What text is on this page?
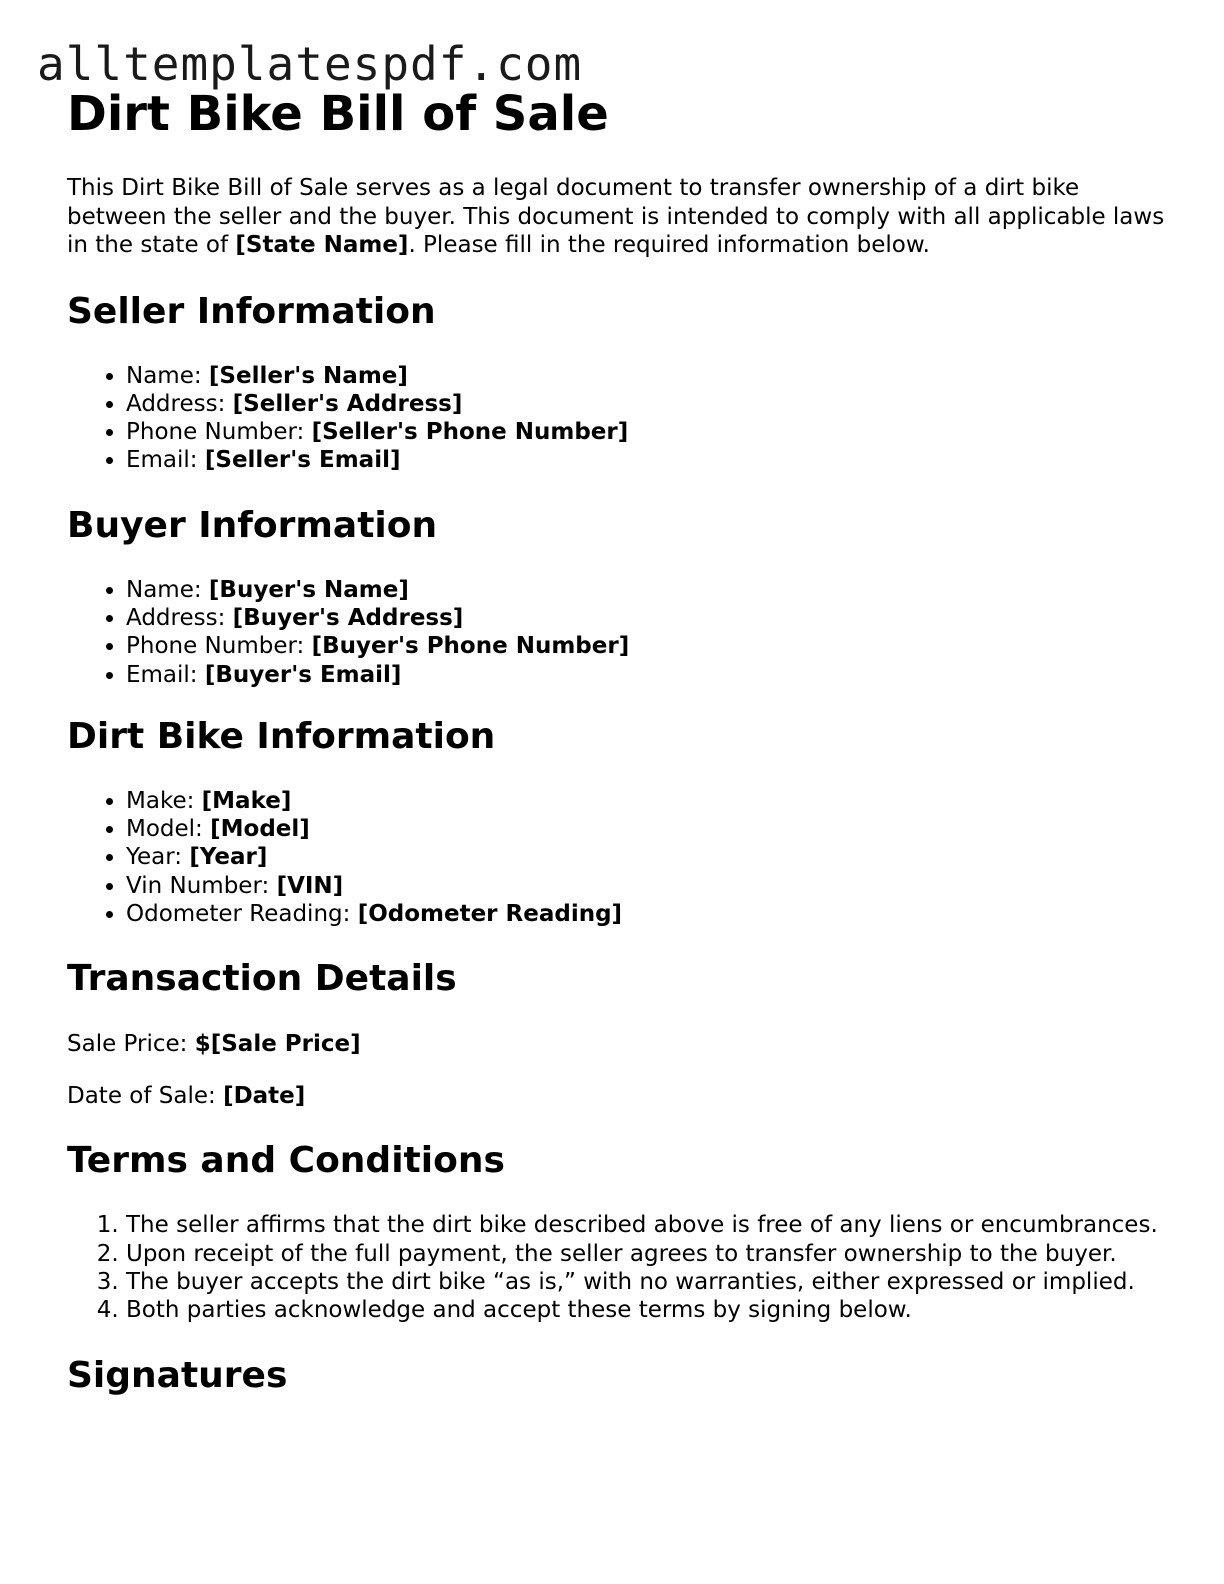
alltemplatespdf.com
Dirt Bike Bill of Sale

This Dirt Bike Bill of Sale serves as a legal document to transfer ownership of a dirt bike between the seller and the buyer. This document is intended to comply with all applicable laws in the state of [State Name]. Please fill in the required information below.

Seller Information
• Name: [Seller's Name]
• Address: [Seller's Address]
• Phone Number: [Seller's Phone Number]
• Email: [Seller's Email]
Buyer Information
• Name: [Buyer's Name]
• Address: [Buyer's Address]
• Phone Number: [Buyer's Phone Number]
• Email: [Buyer's Email]
Dirt Bike Information
• Make: [Make]
• Model: [Model]
• Year: [Year]
• Vin Number: [VIN]
• Odometer Reading: [Odometer Reading]
Transaction Details

Sale Price: $[Sale Price]

Date of Sale: [Date]

Terms and Conditions
1. The seller affirms that the dirt bike described above is free of any liens or encumbrances.
2. Upon receipt of the full payment, the seller agrees to transfer ownership to the buyer.
3. The buyer accepts the dirt bike “as is,” with no warranties, either expressed or implied.
4. Both parties acknowledge and accept these terms by signing below.
Signatures
